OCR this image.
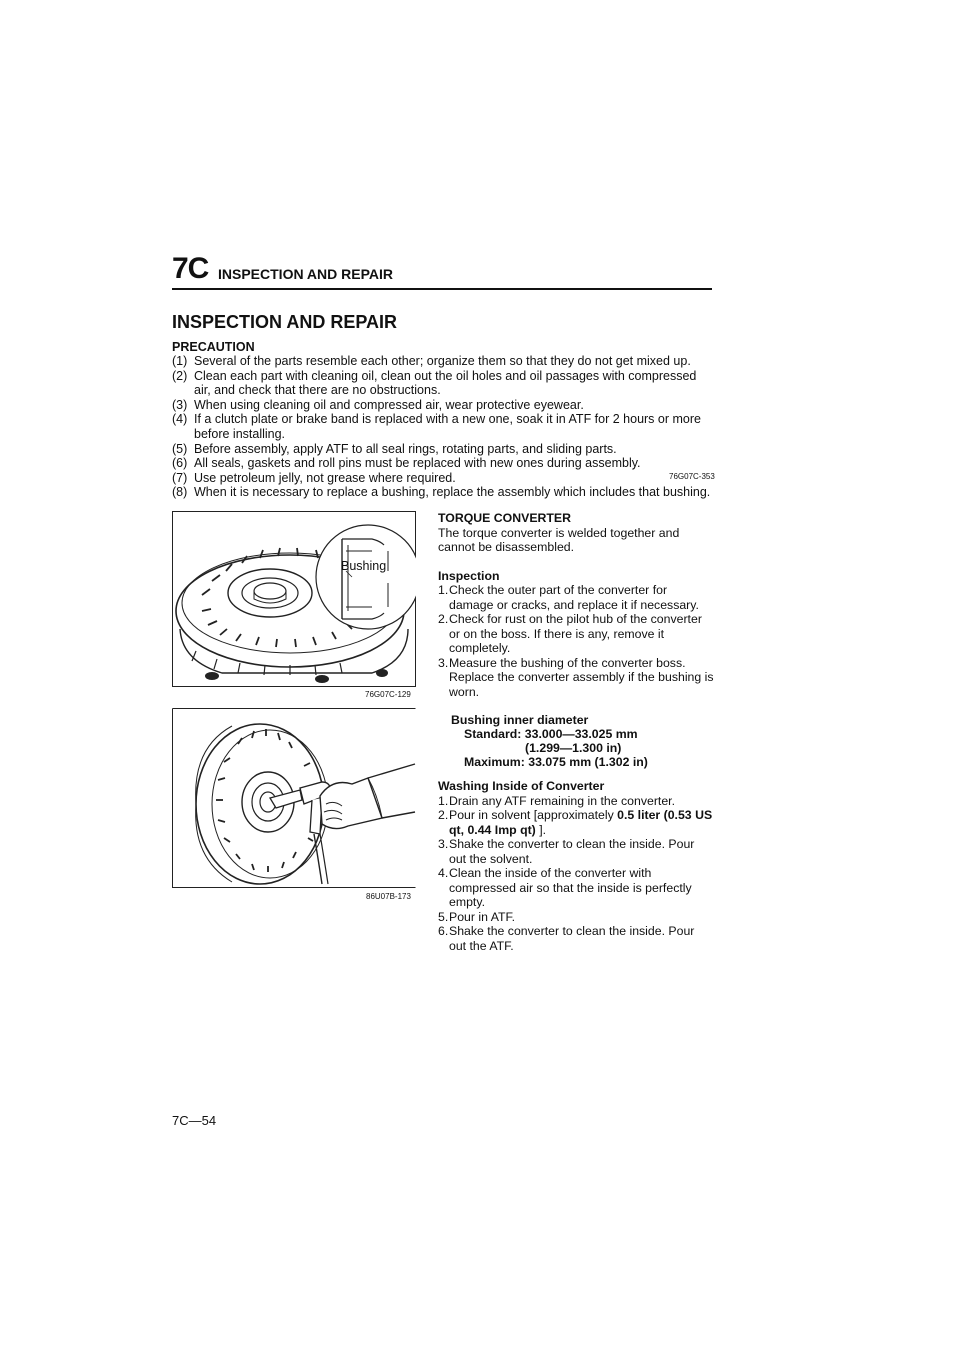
7C INSPECTION AND REPAIR
INSPECTION AND REPAIR
PRECAUTION
(1) Several of the parts resemble each other; organize them so that they do not get mixed up.
(2) Clean each part with cleaning oil, clean out the oil holes and oil passages with compressed air, and check that there are no obstructions.
(3) When using cleaning oil and compressed air, wear protective eyewear.
(4) If a clutch plate or brake band is replaced with a new one, soak it in ATF for 2 hours or more before installing.
(5) Before assembly, apply ATF to all seal rings, rotating parts, and sliding parts.
(6) All seals, gaskets and roll pins must be replaced with new ones during assembly.
(7) Use petroleum jelly, not grease where required.
(8) When it is necessary to replace a bushing, replace the assembly which includes that bushing.
76G07C-353
Bushing
76G07C-129
86U07B-173
TORQUE CONVERTER
The torque converter is welded together and cannot be disassembled.
Inspection
1. Check the outer part of the converter for damage or cracks, and replace it if necessary.
2. Check for rust on the pilot hub of the converter or on the boss. If there is any, remove it completely.
3. Measure the bushing of the converter boss. Replace the converter assembly if the bushing is worn.
Bushing inner diameter
Standard: 33.000—33.025 mm
(1.299—1.300 in)
Maximum: 33.075 mm (1.302 in)
Washing Inside of Converter
1. Drain any ATF remaining in the converter.
2. Pour in solvent [approximately 0.5 liter (0.53 US qt, 0.44 Imp qt) ].
3. Shake the converter to clean the inside. Pour out the solvent.
4. Clean the inside of the converter with compressed air so that the inside is perfectly empty.
5. Pour in ATF.
6. Shake the converter to clean the inside. Pour out the ATF.
7C—54
